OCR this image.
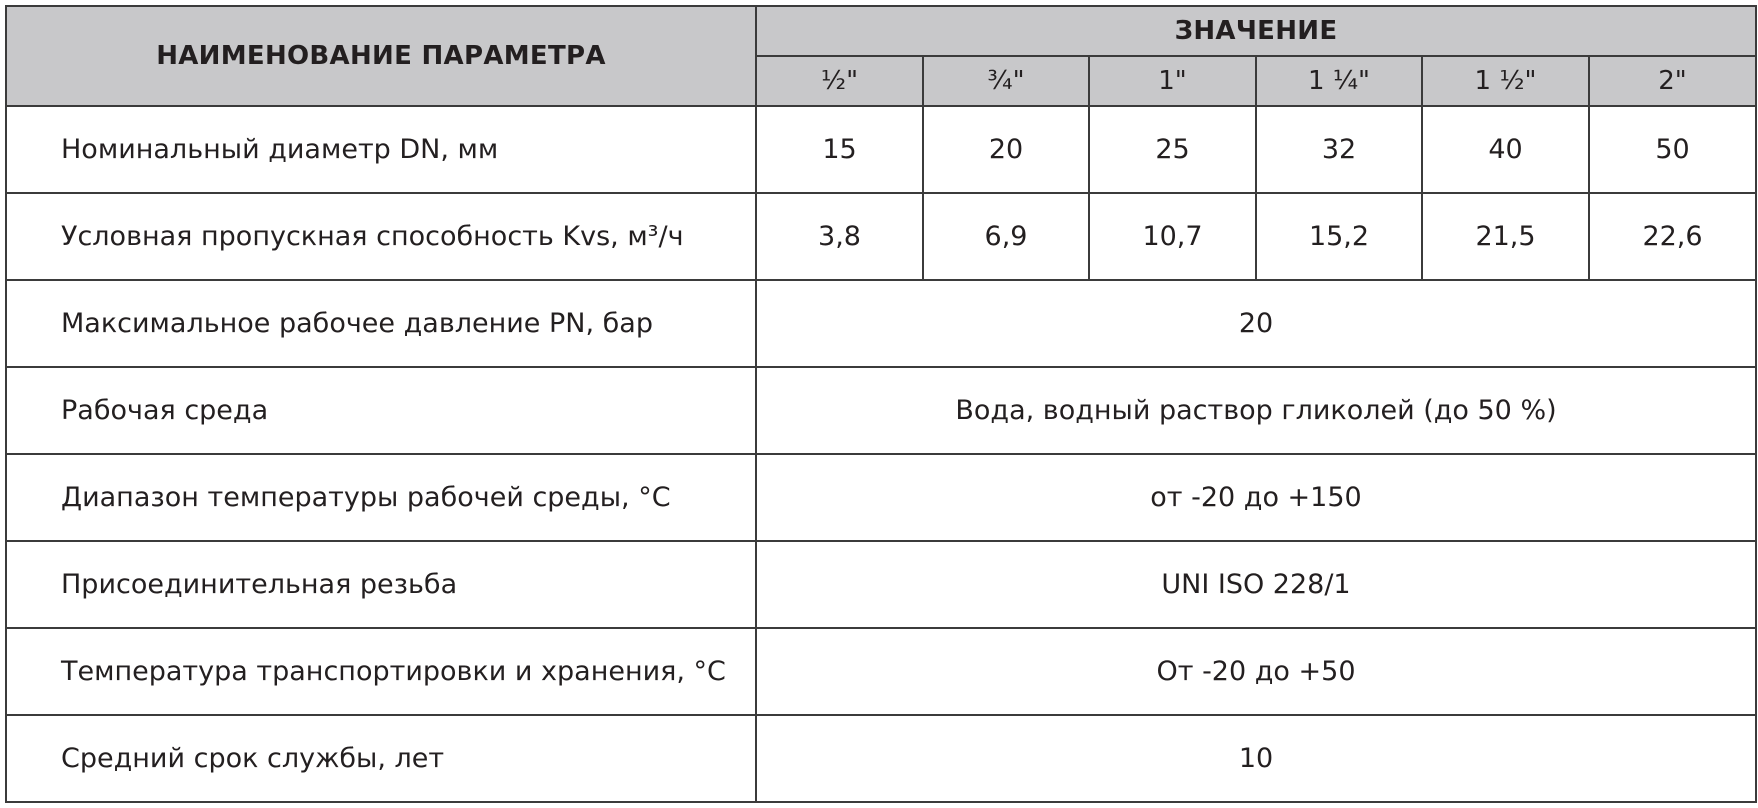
НАИМЕНОВАНИЕ ПАРАМЕТРА	ЗНАЧЕНИЕ					
	½"	¾"	1"	1 ¼"	1 ½"	2"
Номинальный диаметр DN, мм	15	20	25	32	40	50
Условная пропускная способность Kvs, м³/ч	3,8	6,9	10,7	15,2	21,5	22,6
Максимальное рабочее давление PN, бар	20					
Рабочая среда	Вода, водный раствор гликолей (до 50 %)					
Диапазон температуры рабочей среды, °С	от -20 до +150					
Присоединительная резьба	UNI ISO 228/1					
Температура транспортировки и хранения, °С	От -20 до +50					
Средний срок службы, лет	10					
